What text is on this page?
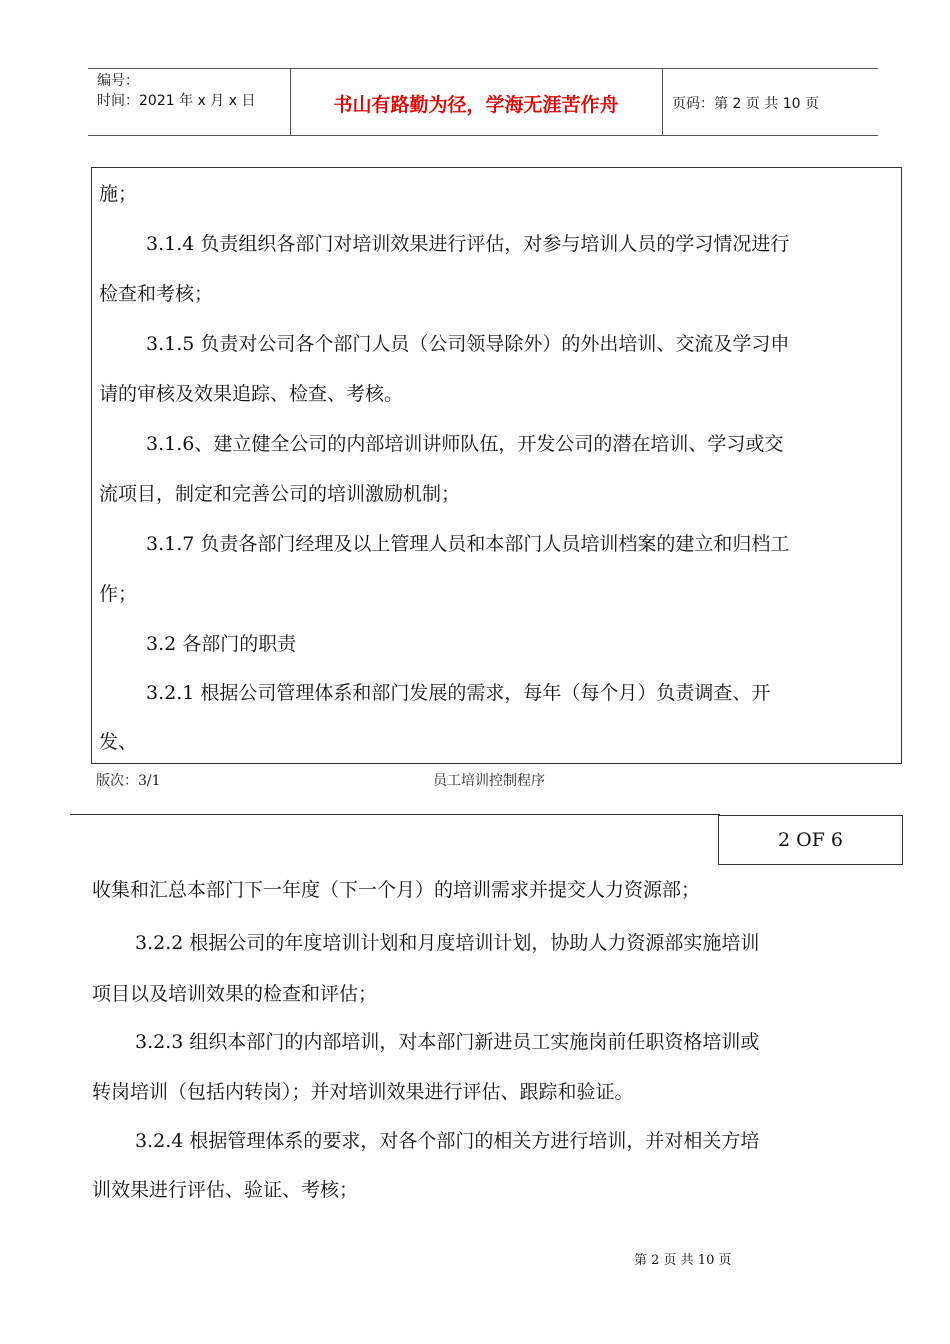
编号：
时间：2021 年 x 月 x 日	书山有路勤为径，学海无涯苦作舟	页码：第 2 页 共 10 页
施；
3.1.4 负责组织各部门对培训效果进行评估，对参与培训人员的学习情况进行
检查和考核；
3.1.5 负责对公司各个部门人员（公司领导除外）的外出培训、交流及学习申
请的审核及效果追踪、检查、考核。
3.1.6、建立健全公司的内部培训讲师队伍，开发公司的潜在培训、学习或交
流项目，制定和完善公司的培训激励机制；
3.1.7 负责各部门经理及以上管理人员和本部门人员培训档案的建立和归档工
作；
3.2 各部门的职责
3.2.1 根据公司管理体系和部门发展的需求，每年（每个月）负责调查、开
发、
版次：3/1	员工培训控制程序
2 OF 6
收集和汇总本部门下一年度（下一个月）的培训需求并提交人力资源部；
3.2.2 根据公司的年度培训计划和月度培训计划，协助人力资源部实施培训
项目以及培训效果的检查和评估；
3.2.3 组织本部门的内部培训，对本部门新进员工实施岗前任职资格培训或
转岗培训（包括内转岗）；并对培训效果进行评估、跟踪和验证。
3.2.4 根据管理体系的要求，对各个部门的相关方进行培训，并对相关方培
训效果进行评估、验证、考核；
第 2 页 共 10 页
